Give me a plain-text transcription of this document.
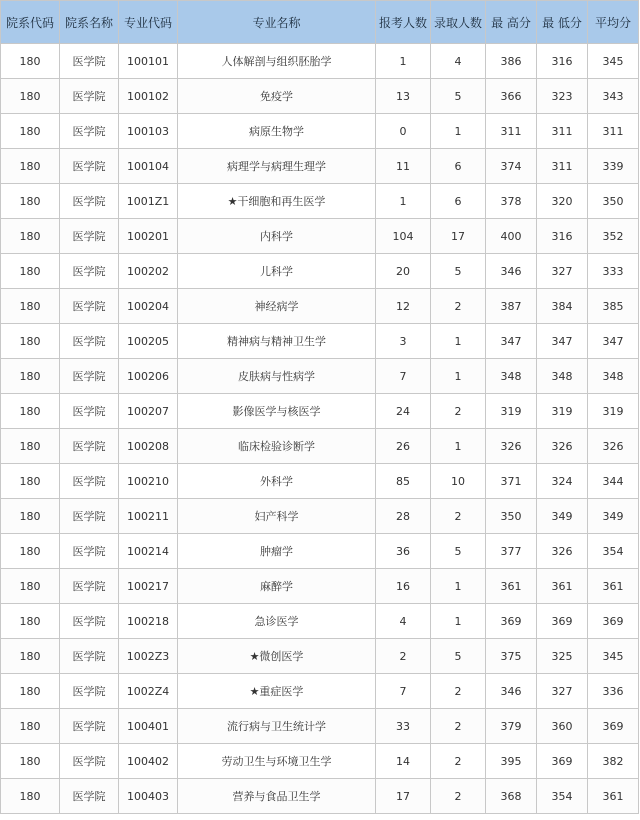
院系代码	院系名称	专业代码	专业名称	报考人数	录取人数	最 高分	最 低分	平均分
180	医学院	100101	人体解剖与组织胚胎学	1	4	386	316	345
180	医学院	100102	免疫学	13	5	366	323	343
180	医学院	100103	病原生物学	0	1	311	311	311
180	医学院	100104	病理学与病理生理学	11	6	374	311	339
180	医学院	1001Z1	★干细胞和再生医学	1	6	378	320	350
180	医学院	100201	内科学	104	17	400	316	352
180	医学院	100202	儿科学	20	5	346	327	333
180	医学院	100204	神经病学	12	2	387	384	385
180	医学院	100205	精神病与精神卫生学	3	1	347	347	347
180	医学院	100206	皮肤病与性病学	7	1	348	348	348
180	医学院	100207	影像医学与核医学	24	2	319	319	319
180	医学院	100208	临床检验诊断学	26	1	326	326	326
180	医学院	100210	外科学	85	10	371	324	344
180	医学院	100211	妇产科学	28	2	350	349	349
180	医学院	100214	肿瘤学	36	5	377	326	354
180	医学院	100217	麻醉学	16	1	361	361	361
180	医学院	100218	急诊医学	4	1	369	369	369
180	医学院	1002Z3	★微创医学	2	5	375	325	345
180	医学院	1002Z4	★重症医学	7	2	346	327	336
180	医学院	100401	流行病与卫生统计学	33	2	379	360	369
180	医学院	100402	劳动卫生与环境卫生学	14	2	395	369	382
180	医学院	100403	营养与食品卫生学	17	2	368	354	361
